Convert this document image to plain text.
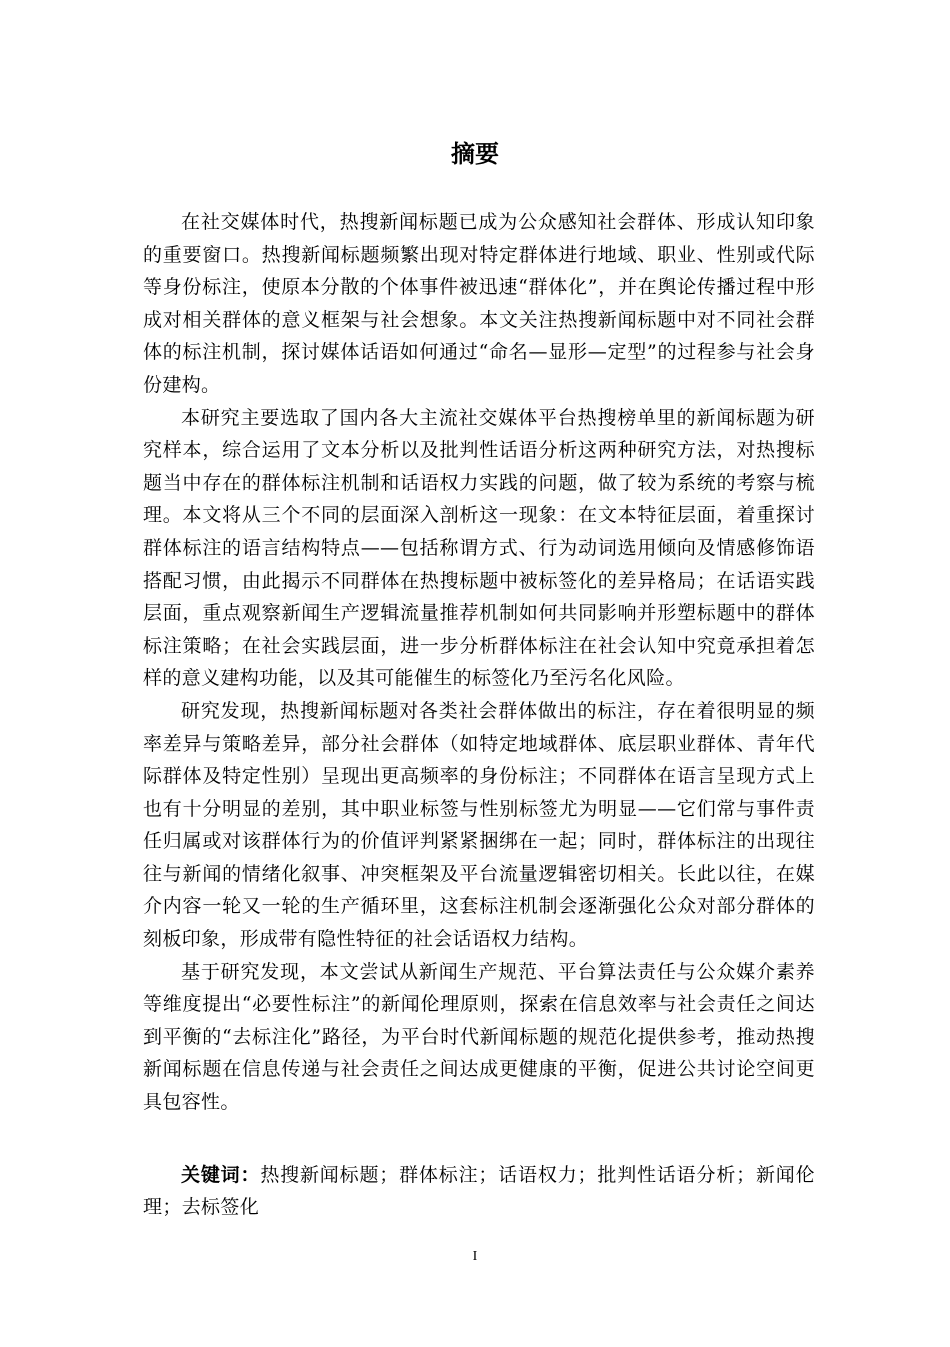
摘要

在社交媒体时代，热搜新闻标题已成为公众感知社会群体、形成认知印象的重要窗口。热搜新闻标题频繁出现对特定群体进行地域、职业、性别或代际等身份标注，使原本分散的个体事件被迅速“群体化”，并在舆论传播过程中形成对相关群体的意义框架与社会想象。本文关注热搜新闻标题中对不同社会群体的标注机制，探讨媒体话语如何通过“命名—显形—定型”的过程参与社会身份建构。

本研究主要选取了国内各大主流社交媒体平台热搜榜单里的新闻标题为研究样本，综合运用了文本分析以及批判性话语分析这两种研究方法，对热搜标题当中存在的群体标注机制和话语权力实践的问题，做了较为系统的考察与梳理。本文将从三个不同的层面深入剖析这一现象：在文本特征层面，着重探讨群体标注的语言结构特点——包括称谓方式、行为动词选用倾向及情感修饰语搭配习惯，由此揭示不同群体在热搜标题中被标签化的差异格局；在话语实践层面，重点观察新闻生产逻辑流量推荐机制如何共同影响并形塑标题中的群体标注策略；在社会实践层面，进一步分析群体标注在社会认知中究竟承担着怎样的意义建构功能，以及其可能催生的标签化乃至污名化风险。

研究发现，热搜新闻标题对各类社会群体做出的标注，存在着很明显的频率差异与策略差异，部分社会群体（如特定地域群体、底层职业群体、青年代际群体及特定性别）呈现出更高频率的身份标注；不同群体在语言呈现方式上也有十分明显的差别，其中职业标签与性别标签尤为明显——它们常与事件责任归属或对该群体行为的价值评判紧紧捆绑在一起；同时，群体标注的出现往往与新闻的情绪化叙事、冲突框架及平台流量逻辑密切相关。长此以往，在媒介内容一轮又一轮的生产循环里，这套标注机制会逐渐强化公众对部分群体的刻板印象，形成带有隐性特征的社会话语权力结构。

基于研究发现，本文尝试从新闻生产规范、平台算法责任与公众媒介素养等维度提出“必要性标注”的新闻伦理原则，探索在信息效率与社会责任之间达到平衡的“去标注化”路径，为平台时代新闻标题的规范化提供参考，推动热搜新闻标题在信息传递与社会责任之间达成更健康的平衡，促进公共讨论空间更具包容性。

关键词：热搜新闻标题；群体标注；话语权力；批判性话语分析；新闻伦理；去标签化

I
